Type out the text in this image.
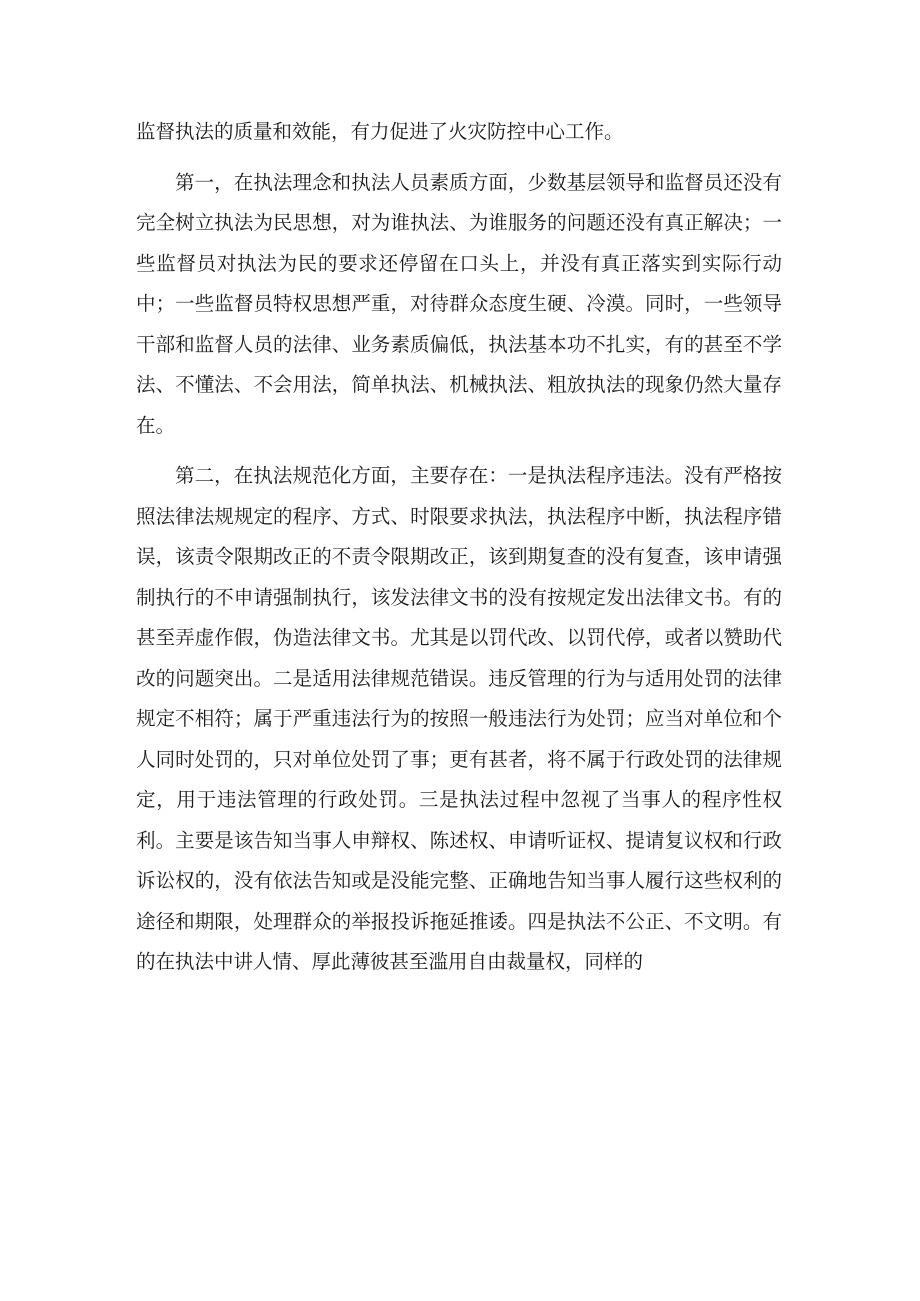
监督执法的质量和效能，有力促进了火灾防控中心工作。

第一，在执法理念和执法人员素质方面，少数基层领导和监督员还没有完全树立执法为民思想，对为谁执法、为谁服务的问题还没有真正解决；一些监督员对执法为民的要求还停留在口头上，并没有真正落实到实际行动中；一些监督员特权思想严重，对待群众态度生硬、冷漠。同时，一些领导干部和监督人员的法律、业务素质偏低，执法基本功不扎实，有的甚至不学法、不懂法、不会用法，简单执法、机械执法、粗放执法的现象仍然大量存在。

第二，在执法规范化方面，主要存在：一是执法程序违法。没有严格按照法律法规规定的程序、方式、时限要求执法，执法程序中断，执法程序错误，该责令限期改正的不责令限期改正，该到期复查的没有复查，该申请强制执行的不申请强制执行，该发法律文书的没有按规定发出法律文书。有的甚至弄虚作假，伪造法律文书。尤其是以罚代改、以罚代停，或者以赞助代改的问题突出。二是适用法律规范错误。违反管理的行为与适用处罚的法律规定不相符；属于严重违法行为的按照一般违法行为处罚；应当对单位和个人同时处罚的，只对单位处罚了事；更有甚者，将不属于行政处罚的法律规定，用于违法管理的行政处罚。三是执法过程中忽视了当事人的程序性权利。主要是该告知当事人申辩权、陈述权、申请听证权、提请复议权和行政诉讼权的，没有依法告知或是没能完整、正确地告知当事人履行这些权利的途径和期限，处理群众的举报投诉拖延推诿。四是执法不公正、不文明。有的在执法中讲人情、厚此薄彼甚至滥用自由裁量权，同样的
